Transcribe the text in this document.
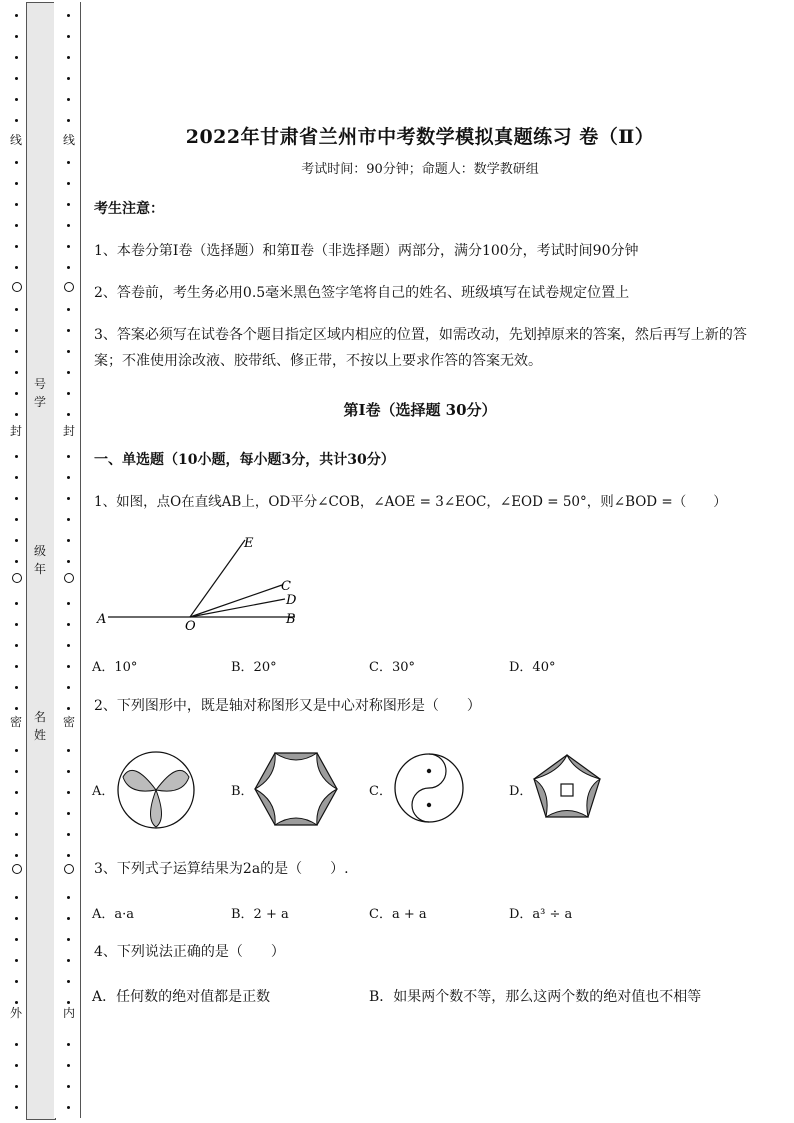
线
封
密
外
线
封
密
内
号
学
级
年
名
姓
2022年甘肃省兰州市中考数学模拟真题练习 卷（Ⅱ）
考试时间：90分钟；命题人：数学教研组
考生注意：
1、本卷分第Ⅰ卷（选择题）和第Ⅱ卷（非选择题）两部分，满分100分，考试时间90分钟
2、答卷前，考生务必用0.5毫米黑色签字笔将自己的姓名、班级填写在试卷规定位置上
3、答案必须写在试卷各个题目指定区域内相应的位置，如需改动，先划掉原来的答案，然后再写上新的答案；不准使用涂改液、胶带纸、修正带，不按以上要求作答的答案无效。
第Ⅰ卷（选择题 30分）
一、单选题（10小题，每小题3分，共计30分）
1、如图，点O在直线AB上，OD平分∠COB，∠AOE = 3∠EOC，∠EOD = 50°，则∠BOD =（　　）
E
C
D
A	O	B
A．10°	B．20°	C．30°	D．40°
2、下列图形中，既是轴对称图形又是中心对称图形是（　　）
A．	B．	C．	D．
3、下列式子运算结果为2a的是（　　）.
A．a·a	B．2 + a	C．a + a	D．a³ ÷ a
4、下列说法正确的是（　　）
A．任何数的绝对值都是正数	B．如果两个数不等，那么这两个数的绝对值也不相等
